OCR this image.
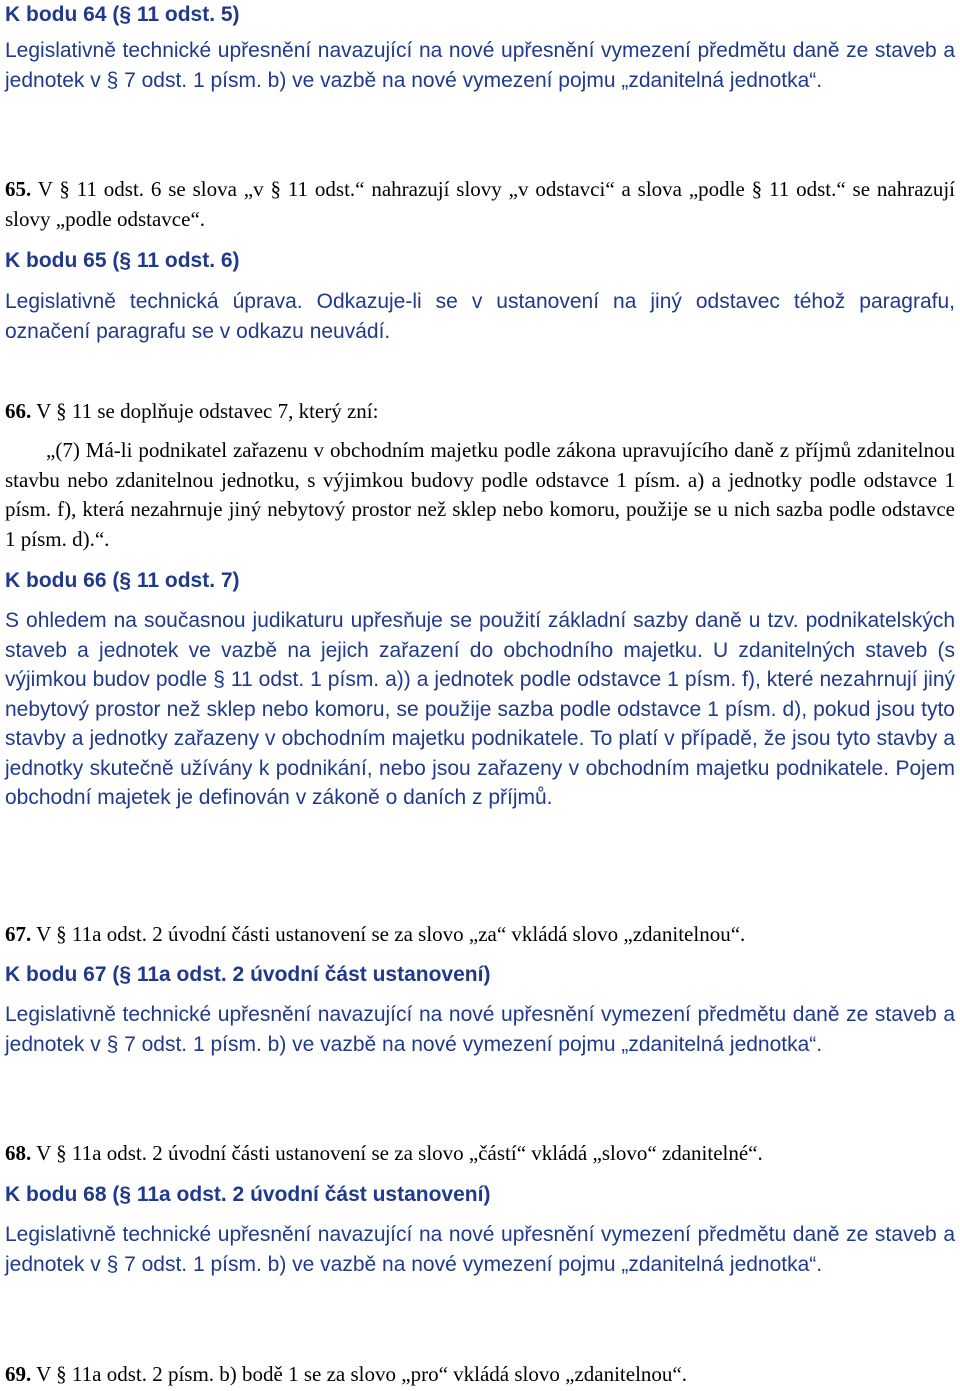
K bodu 64 (§ 11 odst. 5)
Legislativně technické upřesnění navazující na nové upřesnění vymezení předmětu daně ze staveb a jednotek v § 7 odst. 1 písm. b) ve vazbě na nové vymezení pojmu „zdanitelná jednotka“.
65. V § 11 odst. 6 se slova „v § 11 odst.“ nahrazují slovy „v odstavci“ a slova „podle § 11 odst.“ se nahrazují slovy „podle odstavce“.
K bodu 65 (§ 11 odst. 6)
Legislativně technická úprava. Odkazuje-li se v ustanovení na jiný odstavec téhož paragrafu, označení paragrafu se v odkazu neuvádí.
66. V § 11 se doplňuje odstavec 7, který zní:
„(7) Má-li podnikatel zařazenu v obchodním majetku podle zákona upravujícího daně z příjmů zdanitelnou stavbu nebo zdanitelnou jednotku, s výjimkou budovy podle odstavce 1 písm. a) a jednotky podle odstavce 1 písm. f), která nezahrnuje jiný nebytový prostor než sklep nebo komoru, použije se u nich sazba podle odstavce 1 písm. d).“.
K bodu 66 (§ 11 odst. 7)
S ohledem na současnou judikaturu upřesňuje se použití základní sazby daně u tzv. podnikatelských staveb a jednotek ve vazbě na jejich zařazení do obchodního majetku. U zdanitelných staveb (s výjimkou budov podle § 11 odst. 1 písm. a)) a jednotek podle odstavce 1 písm. f), které nezahrnují jiný nebytový prostor než sklep nebo komoru, se použije sazba podle odstavce 1 písm. d), pokud jsou tyto stavby a jednotky zařazeny v obchodním majetku podnikatele. To platí v případě, že jsou tyto stavby a jednotky skutečně užívány k podnikání, nebo jsou zařazeny v obchodním majetku podnikatele. Pojem obchodní majetek je definován v zákoně o daních z příjmů.
67. V § 11a odst. 2 úvodní části ustanovení se za slovo „za“ vkládá slovo „zdanitelnou“.
K bodu 67 (§ 11a odst. 2 úvodní část ustanovení)
Legislativně technické upřesnění navazující na nové upřesnění vymezení předmětu daně ze staveb a jednotek v § 7 odst. 1 písm. b) ve vazbě na nové vymezení pojmu „zdanitelná jednotka“.
68. V § 11a odst. 2 úvodní části ustanovení se za slovo „částí“ vkládá „slovo“ zdanitelné“.
K bodu 68 (§ 11a odst. 2 úvodní část ustanovení)
Legislativně technické upřesnění navazující na nové upřesnění vymezení předmětu daně ze staveb a jednotek v § 7 odst. 1 písm. b) ve vazbě na nové vymezení pojmu „zdanitelná jednotka“.
69. V § 11a odst. 2 písm. b) bodě 1 se za slovo „pro“ vkládá slovo „zdanitelnou“.
